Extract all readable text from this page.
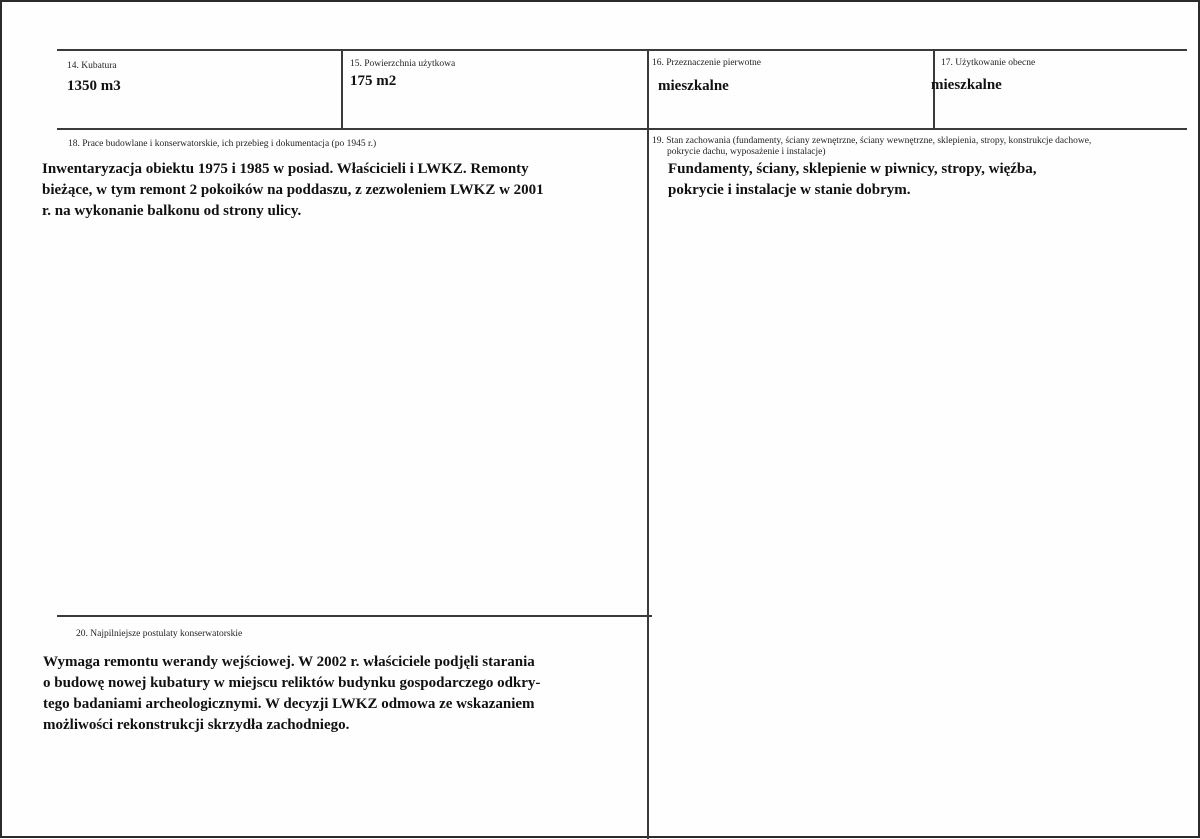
14. Kubatura
1350 m3
15. Powierzchnia użytkowa
175 m2
16. Przeznaczenie pierwotne
mieszkalne
17. Użytkowanie obecne
mieszkalne
18. Prace budowlane i konserwatorskie, ich przebieg i dokumentacja (po 1945 r.)
Inwentaryzacja obiektu 1975 i 1985 w posiad. Właścicieli i LWKZ. Remonty
bieżące, w tym remont 2 pokoików na poddaszu, z zezwoleniem LWKZ w 2001
r. na wykonanie balkonu od strony ulicy.
19. Stan zachowania (fundamenty, ściany zewnętrzne, ściany wewnętrzne, sklepienia, stropy, konstrukcje dachowe,
pokrycie dachu, wyposażenie i instalacje)
Fundamenty, ściany, sklepienie w piwnicy, stropy, więźba,
pokrycie i instalacje w stanie dobrym.
20. Najpilniejsze postulaty konserwatorskie
Wymaga remontu werandy wejściowej. W 2002 r. właściciele podjęli starania
o budowę nowej kubatury w miejscu reliktów budynku gospodarczego odkry-
tego badaniami archeologicznymi. W decyzji LWKZ odmowa ze wskazaniem
możliwości rekonstrukcji skrzydła zachodniego.
